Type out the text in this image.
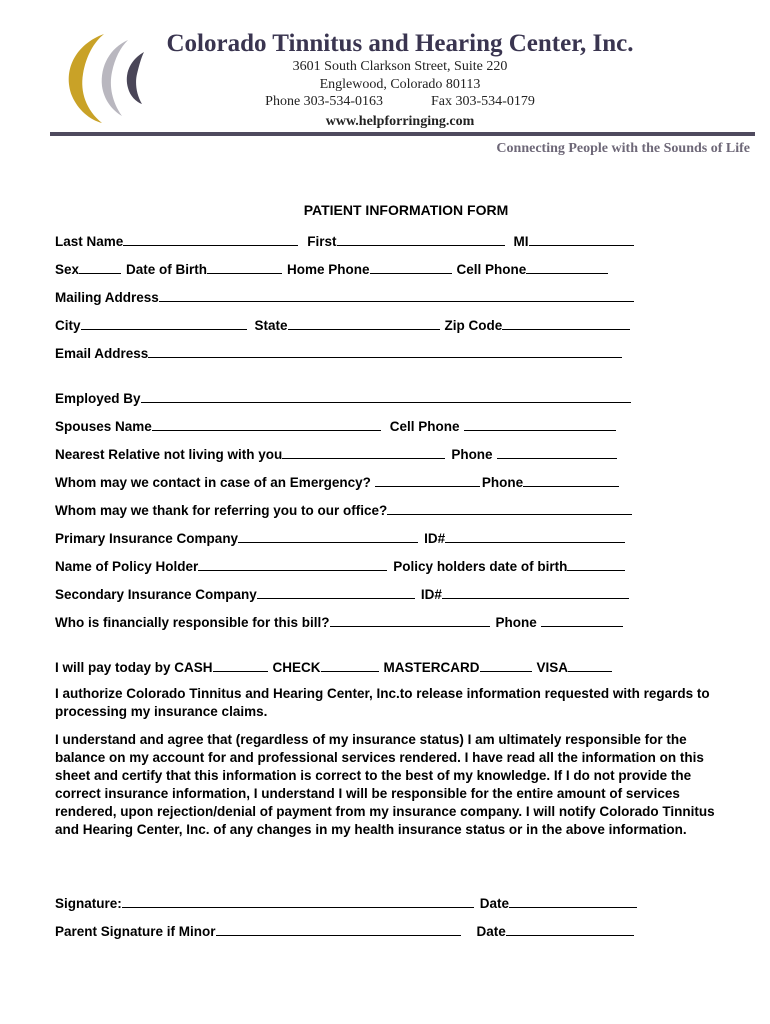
Colorado Tinnitus and Hearing Center, Inc.
3601 South Clarkson Street, Suite 220
Englewood, Colorado 80113
Phone 303-534-0163	Fax 303-534-0179
www.helpforringing.com
Connecting People with the Sounds of Life
PATIENT INFORMATION FORM
Last Name	First	MI
Sex	Date of Birth	Home Phone	Cell Phone
Mailing Address
City	State	Zip Code
Email Address
Employed By
Spouses Name	Cell Phone
Nearest Relative not living with you	Phone
Whom may we contact in case of an Emergency?	Phone
Whom may we thank for referring you to our office?
Primary Insurance Company	ID#
Name of Policy Holder	Policy holders date of birth
Secondary Insurance Company	ID#
Who is financially responsible for this bill?	Phone
I will pay today by CASH	CHECK	MASTERCARD	VISA
I authorize Colorado Tinnitus and Hearing Center, Inc.to release information requested with regards to processing my insurance claims.
I understand and agree that (regardless of my insurance status) I am ultimately responsible for the balance on my account for and professional services rendered. I have read all the information on this sheet and certify that this information is correct to the best of my knowledge. If I do not provide the correct insurance information, I understand I will be responsible for the entire amount of services rendered, upon rejection/denial of payment from my insurance company. I will notify Colorado Tinnitus and Hearing Center, Inc. of any changes in my health insurance status or in the above information.
Signature:	Date
Parent Signature if Minor	Date
